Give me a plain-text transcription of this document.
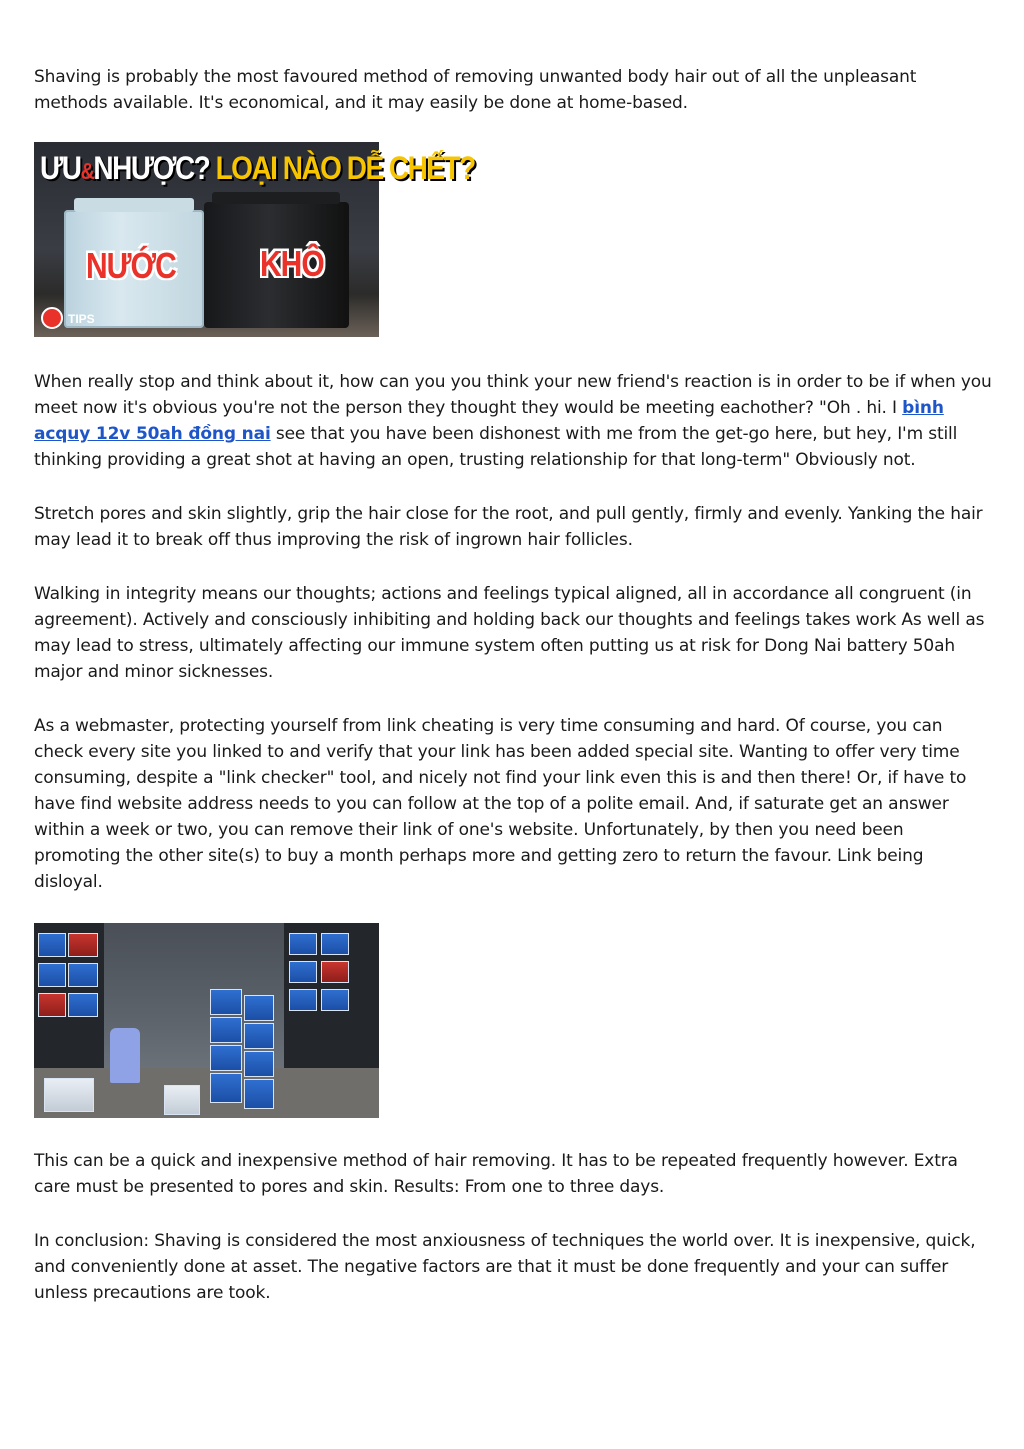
Shaving is probably the most favoured method of removing unwanted body hair out of all the unpleasant methods available. It's economical, and it may easily be done at home-based.

ƯU&NHƯỢC? LOẠI NÀO DỄ CHẾT?
NƯỚC	KHÔ
TIPS

When really stop and think about it, how can you you think your new friend's reaction is in order to be if when you meet now it's obvious you're not the person they thought they would be meeting eachother? "Oh . hi. I bình acquy 12v 50ah đồng nai see that you have been dishonest with me from the get-go here, but hey, I'm still thinking providing a great shot at having an open, trusting relationship for that long-term" Obviously not.

Stretch pores and skin slightly, grip the hair close for the root, and pull gently, firmly and evenly. Yanking the hair may lead it to break off thus improving the risk of ingrown hair follicles.

Walking in integrity means our thoughts; actions and feelings typical aligned, all in accordance all congruent (in agreement). Actively and consciously inhibiting and holding back our thoughts and feelings takes work As well as may lead to stress, ultimately affecting our immune system often putting us at risk for Dong Nai battery 50ah major and minor sicknesses.

As a webmaster, protecting yourself from link cheating is very time consuming and hard. Of course, you can check every site you linked to and verify that your link has been added special site. Wanting to offer very time consuming, despite a "link checker" tool, and nicely not find your link even this is and then there! Or, if have to have find website address needs to you can follow at the top of a polite email. And, if saturate get an answer within a week or two, you can remove their link of one's website. Unfortunately, by then you need been promoting the other site(s) to buy a month perhaps more and getting zero to return the favour. Link being disloyal.

This can be a quick and inexpensive method of hair removing. It has to be repeated frequently however. Extra care must be presented to pores and skin. Results: From one to three days.

In conclusion: Shaving is considered the most anxiousness of techniques the world over. It is inexpensive, quick, and conveniently done at asset. The negative factors are that it must be done frequently and your can suffer unless precautions are took.
